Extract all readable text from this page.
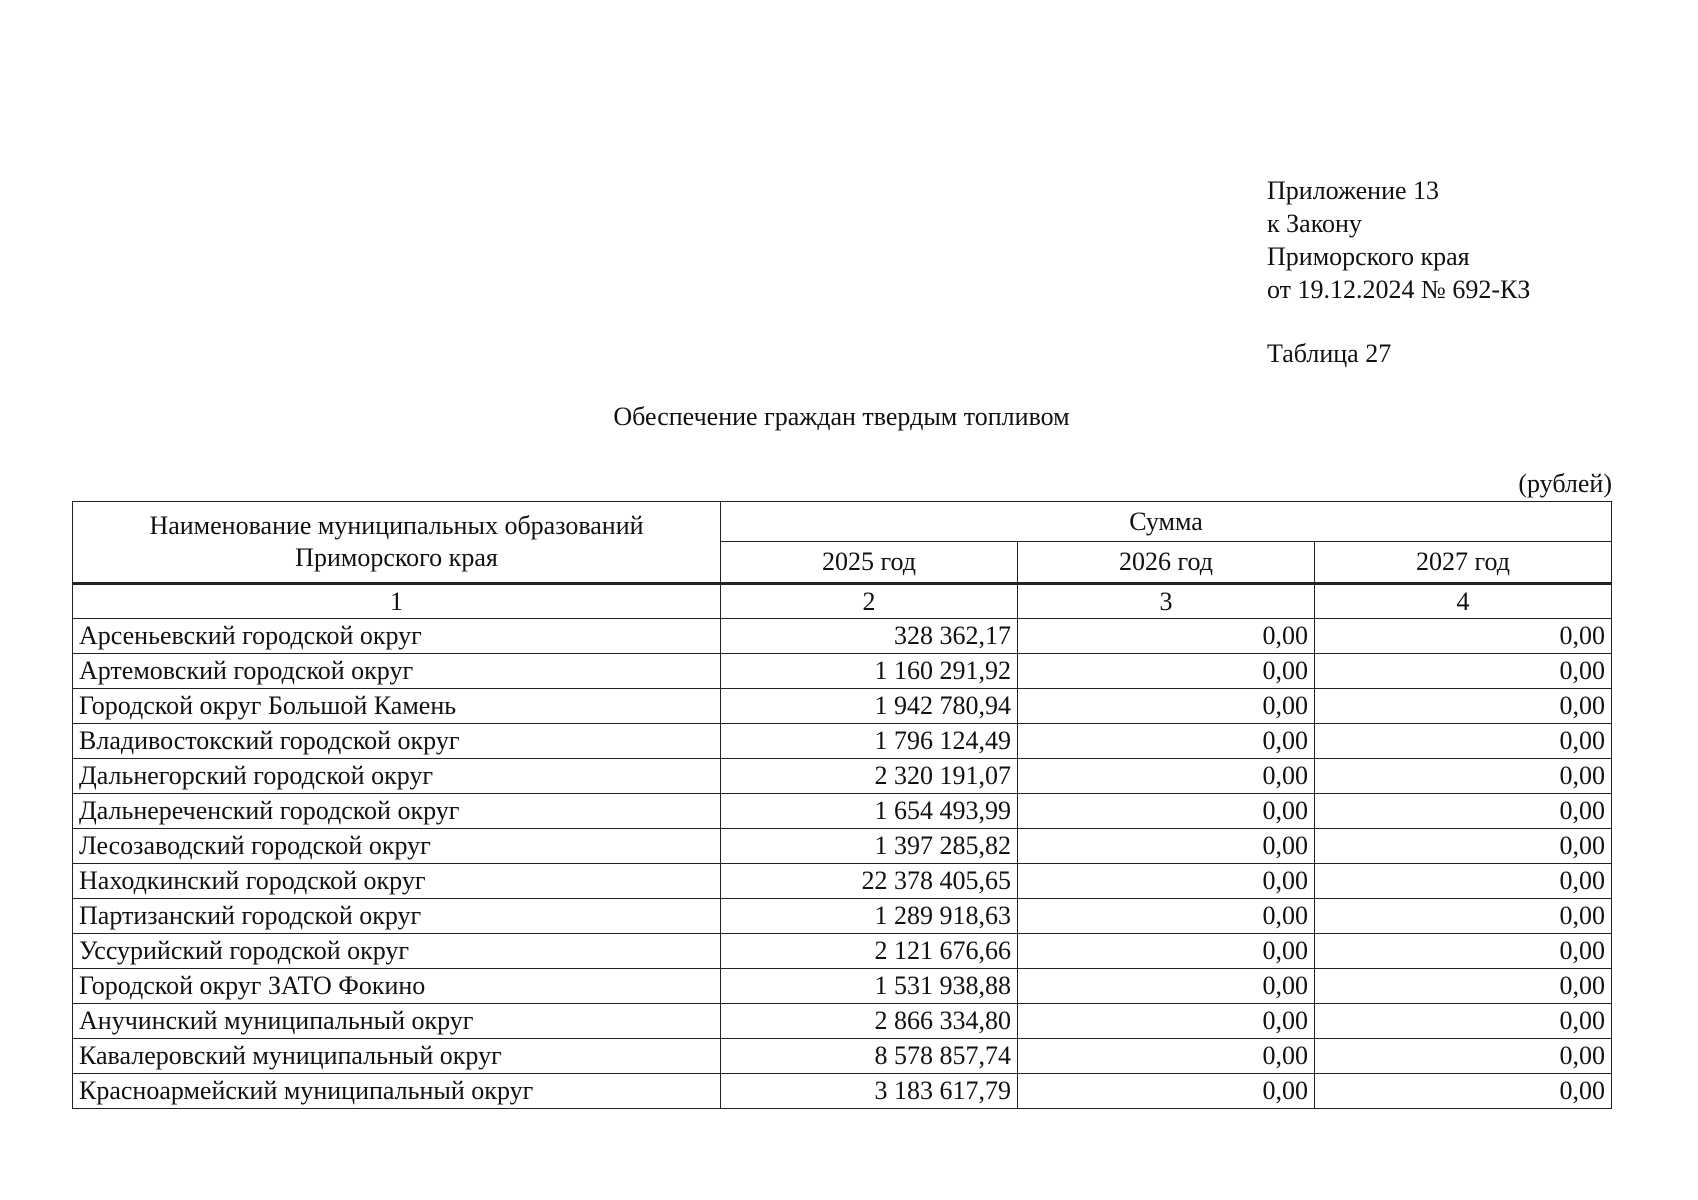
Приложение 13
к Закону
Приморского края
от 19.12.2024 № 692-КЗ
Таблица 27
Обеспечение граждан твердым топливом
(рублей)
Наименование муниципальных образований Приморского края	Сумма		
	2025 год	2026 год	2027 год
1	2	3	4
Арсеньевский городской округ	328 362,17	0,00	0,00
Артемовский городской округ	1 160 291,92	0,00	0,00
Городской округ Большой Камень	1 942 780,94	0,00	0,00
Владивостокский городской округ	1 796 124,49	0,00	0,00
Дальнегорский городской округ	2 320 191,07	0,00	0,00
Дальнереченский городской округ	1 654 493,99	0,00	0,00
Лесозаводский городской округ	1 397 285,82	0,00	0,00
Находкинский городской округ	22 378 405,65	0,00	0,00
Партизанский городской округ	1 289 918,63	0,00	0,00
Уссурийский городской округ	2 121 676,66	0,00	0,00
Городской округ ЗАТО Фокино	1 531 938,88	0,00	0,00
Анучинский муниципальный округ	2 866 334,80	0,00	0,00
Кавалеровский муниципальный округ	8 578 857,74	0,00	0,00
Красноармейский муниципальный округ	3 183 617,79	0,00	0,00
